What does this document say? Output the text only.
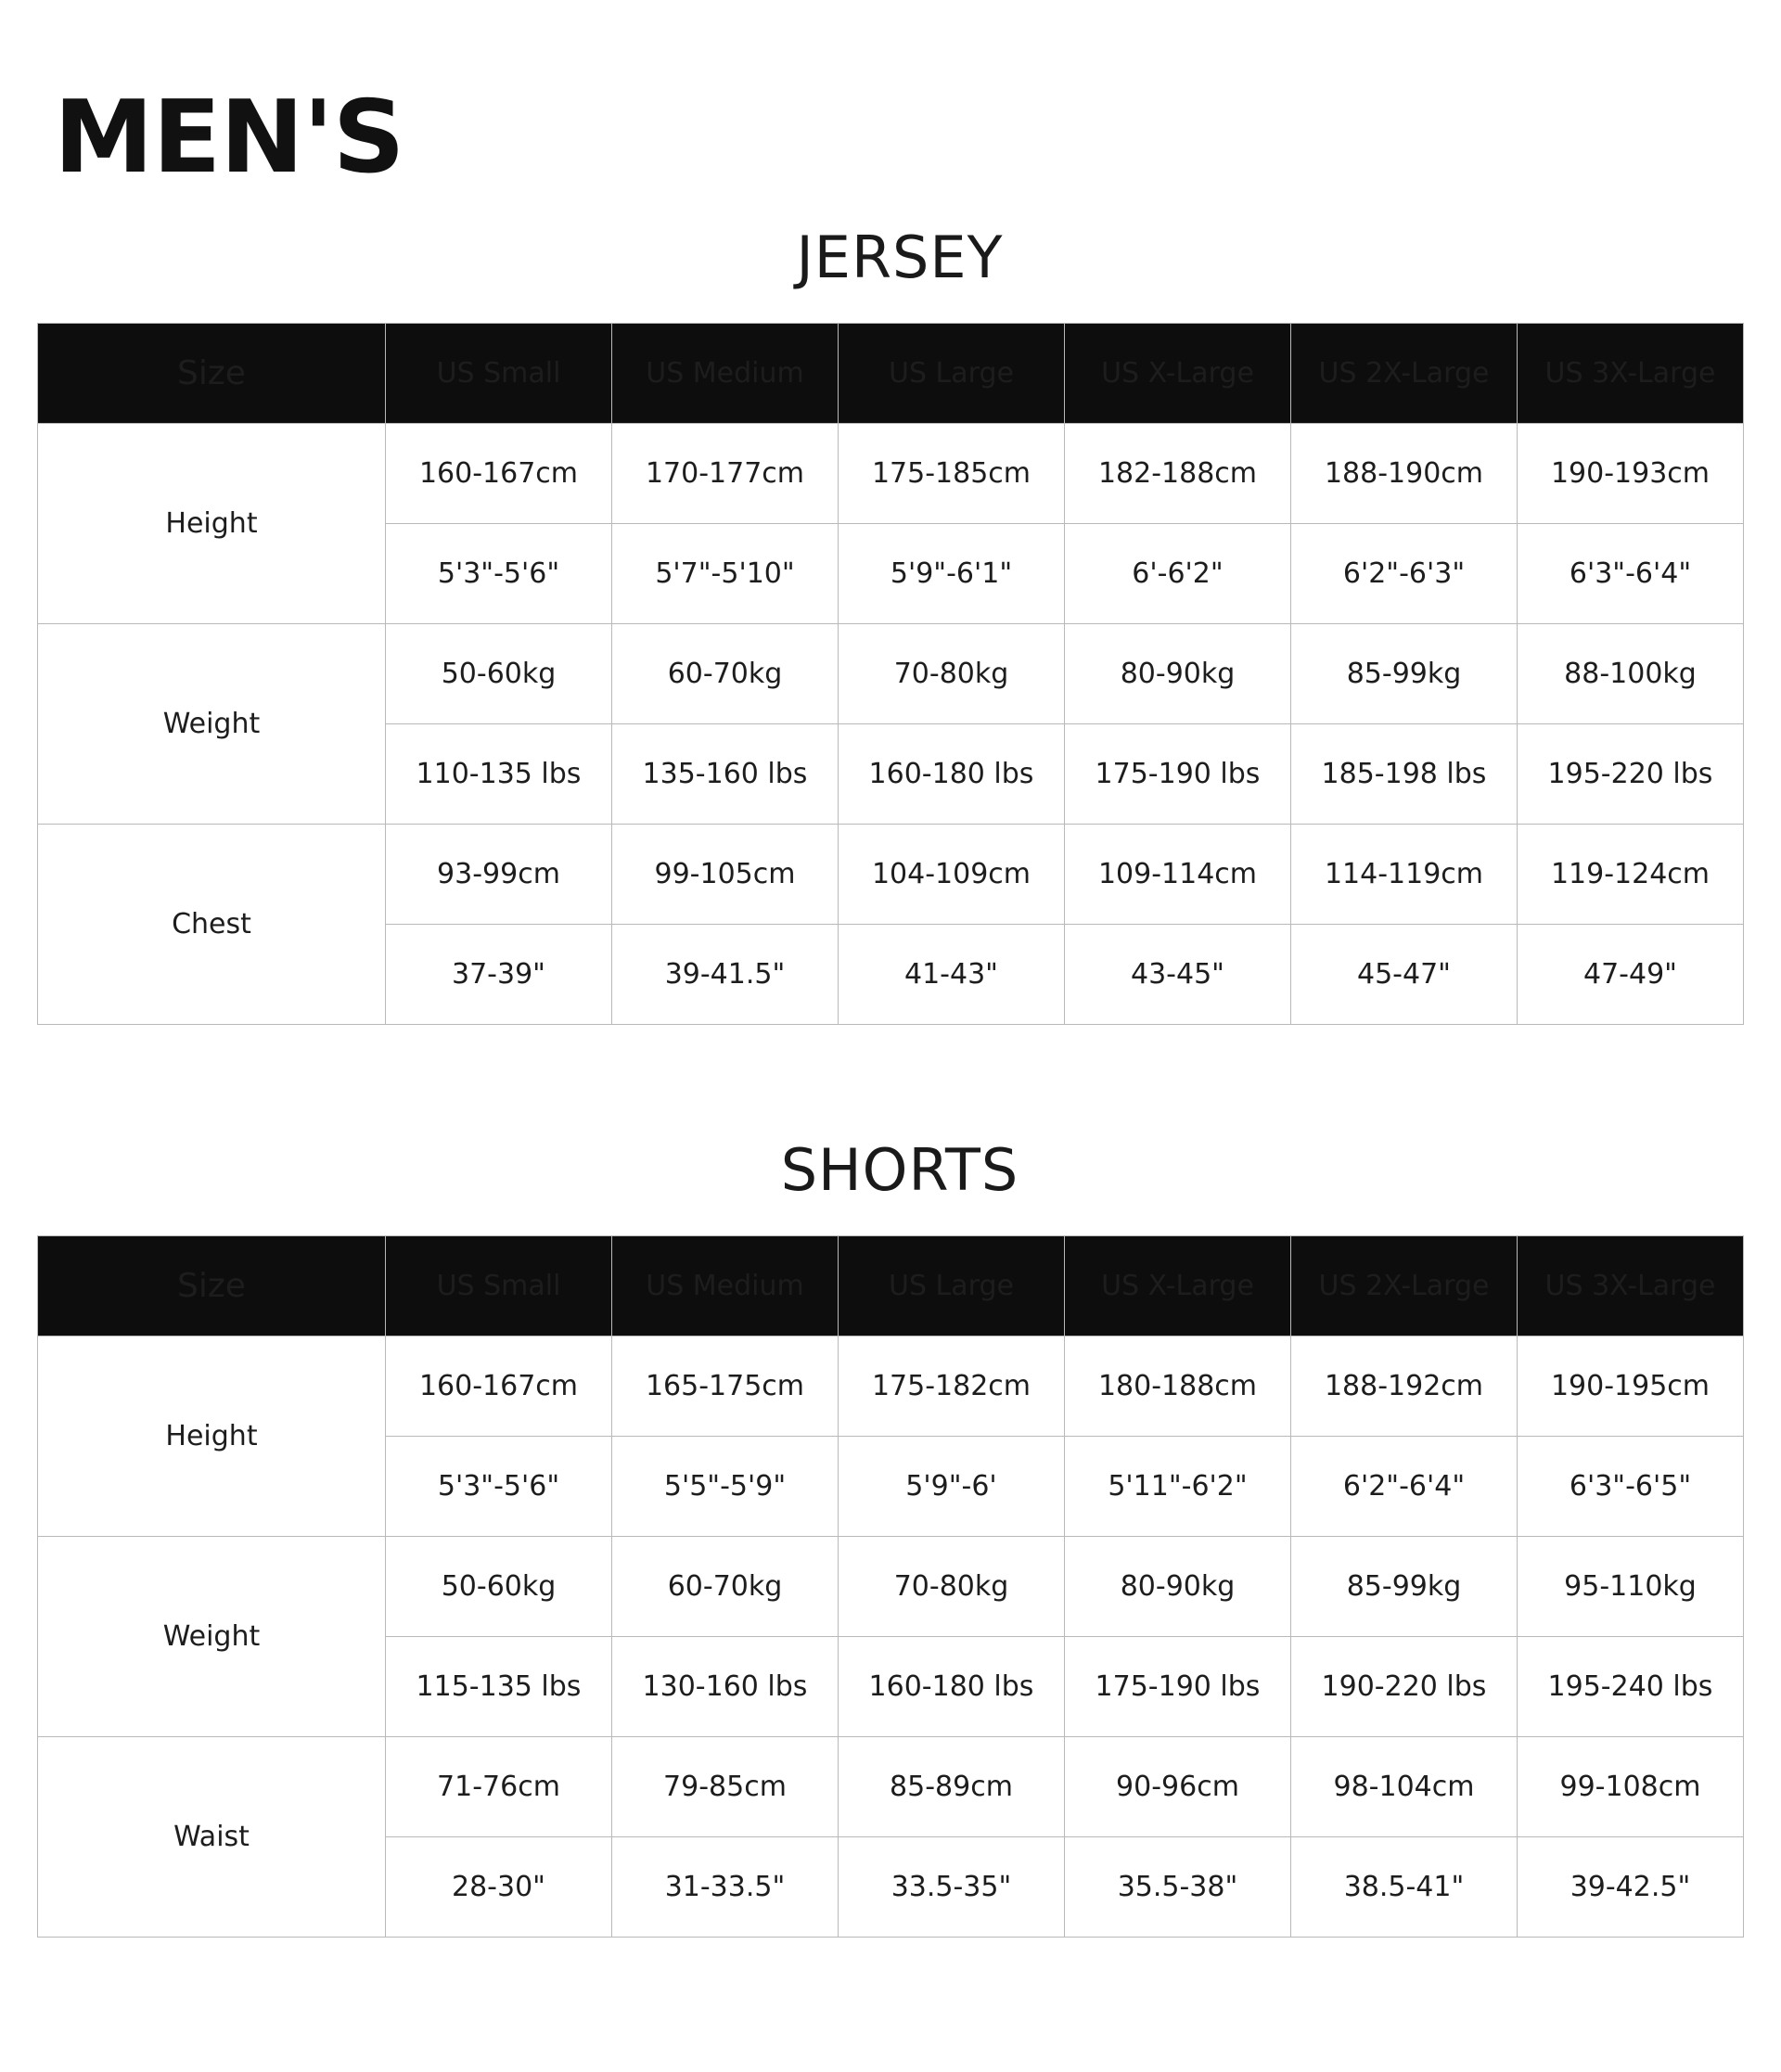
MEN'S
JERSEY
Size	US Small	US Medium	US Large	US X-Large	US 2X-Large	US 3X-Large
Height	160-167cm	170-177cm	175-185cm	182-188cm	188-190cm	190-193cm
	5'3"-5'6"	5'7"-5'10"	5'9"-6'1"	6'-6'2"	6'2"-6'3"	6'3"-6'4"
Weight	50-60kg	60-70kg	70-80kg	80-90kg	85-99kg	88-100kg
	110-135 lbs	135-160 lbs	160-180 lbs	175-190 lbs	185-198 lbs	195-220 lbs
Chest	93-99cm	99-105cm	104-109cm	109-114cm	114-119cm	119-124cm
	37-39"	39-41.5"	41-43"	43-45"	45-47"	47-49"
SHORTS
Size	US Small	US Medium	US Large	US X-Large	US 2X-Large	US 3X-Large
Height	160-167cm	165-175cm	175-182cm	180-188cm	188-192cm	190-195cm
	5'3"-5'6"	5'5"-5'9"	5'9"-6'	5'11"-6'2"	6'2"-6'4"	6'3"-6'5"
Weight	50-60kg	60-70kg	70-80kg	80-90kg	85-99kg	95-110kg
	115-135 lbs	130-160 lbs	160-180 lbs	175-190 lbs	190-220 lbs	195-240 lbs
Waist	71-76cm	79-85cm	85-89cm	90-96cm	98-104cm	99-108cm
	28-30"	31-33.5"	33.5-35"	35.5-38"	38.5-41"	39-42.5"
